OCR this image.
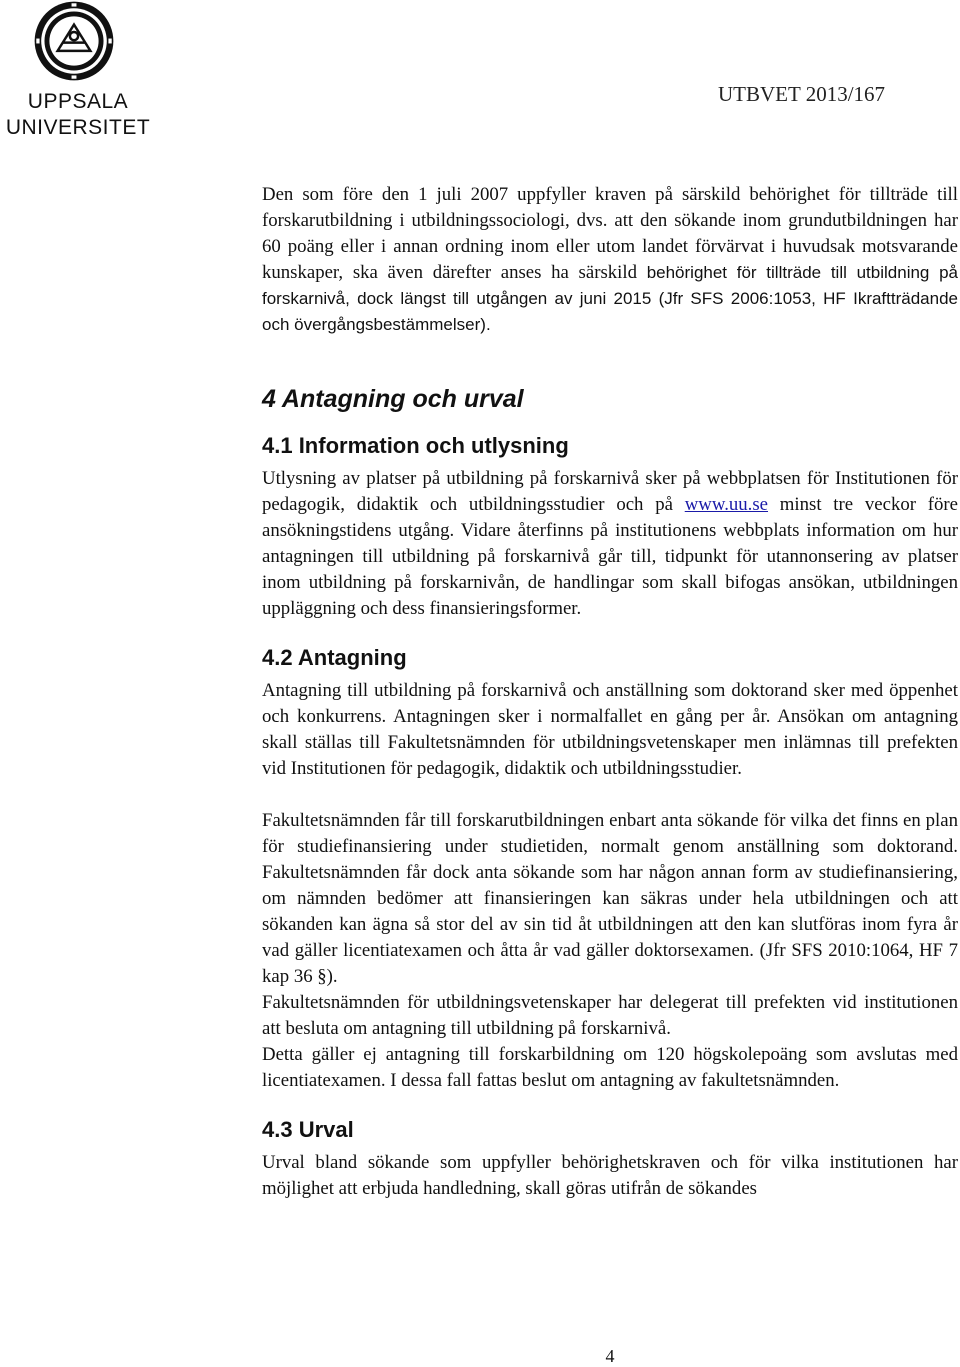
UPPSALA
UNIVERSITET
UTBVET 2013/167

Den som före den 1 juli 2007 uppfyller kraven på särskild behörighet för tillträde till forskarutbildning i utbildningssociologi, dvs. att den sökande inom grundutbildningen har 60 poäng eller i annan ordning inom eller utom landet förvärvat i huvudsak motsvarande kunskaper, ska även därefter anses ha särskild behörighet för tillträde till utbildning på forskarnivå, dock längst till utgången av juni 2015 (Jfr SFS 2006:1053, HF Ikraftträdande och övergångsbestämmelser).

4 Antagning och urval
4.1 Information och utlysning

Utlysning av platser på utbildning på forskarnivå sker på webbplatsen för Institutionen för pedagogik, didaktik och utbildningsstudier och på www.uu.se minst tre veckor före ansökningstidens utgång. Vidare återfinns på institutionens webbplats information om hur antagningen till utbildning på forskarnivå går till, tidpunkt för utannonsering av platser inom utbildning på forskarnivån, de handlingar som skall bifogas ansökan, utbildningen uppläggning och dess finansieringsformer.

4.2 Antagning

Antagning till utbildning på forskarnivå och anställning som doktorand sker med öppenhet och konkurrens. Antagningen sker i normalfallet en gång per år. Ansökan om antagning skall ställas till Fakultetsnämnden för utbildningsvetenskaper men inlämnas till prefekten vid Institutionen för pedagogik, didaktik och utbildningsstudier.

Fakultetsnämnden får till forskarutbildningen enbart anta sökande för vilka det finns en plan för studiefinansiering under studietiden, normalt genom anställning som doktorand. Fakultetsnämnden får dock anta sökande som har någon annan form av studiefinansiering, om nämnden bedömer att finansieringen kan säkras under hela utbildningen och att sökanden kan ägna så stor del av sin tid åt utbildningen att den kan slutföras inom fyra år vad gäller licentiatexamen och åtta år vad gäller doktorsexamen. (Jfr SFS 2010:1064, HF 7 kap 36 §).

Fakultetsnämnden för utbildningsvetenskaper har delegerat till prefekten vid institutionen att besluta om antagning till utbildning på forskarnivå.

Detta gäller ej antagning till forskarbildning om 120 högskolepoäng som avslutas med licentiatexamen. I dessa fall fattas beslut om antagning av fakultetsnämnden.

4.3 Urval

Urval bland sökande som uppfyller behörighetskraven och för vilka institutionen har möjlighet att erbjuda handledning, skall göras utifrån de sökandes

4
